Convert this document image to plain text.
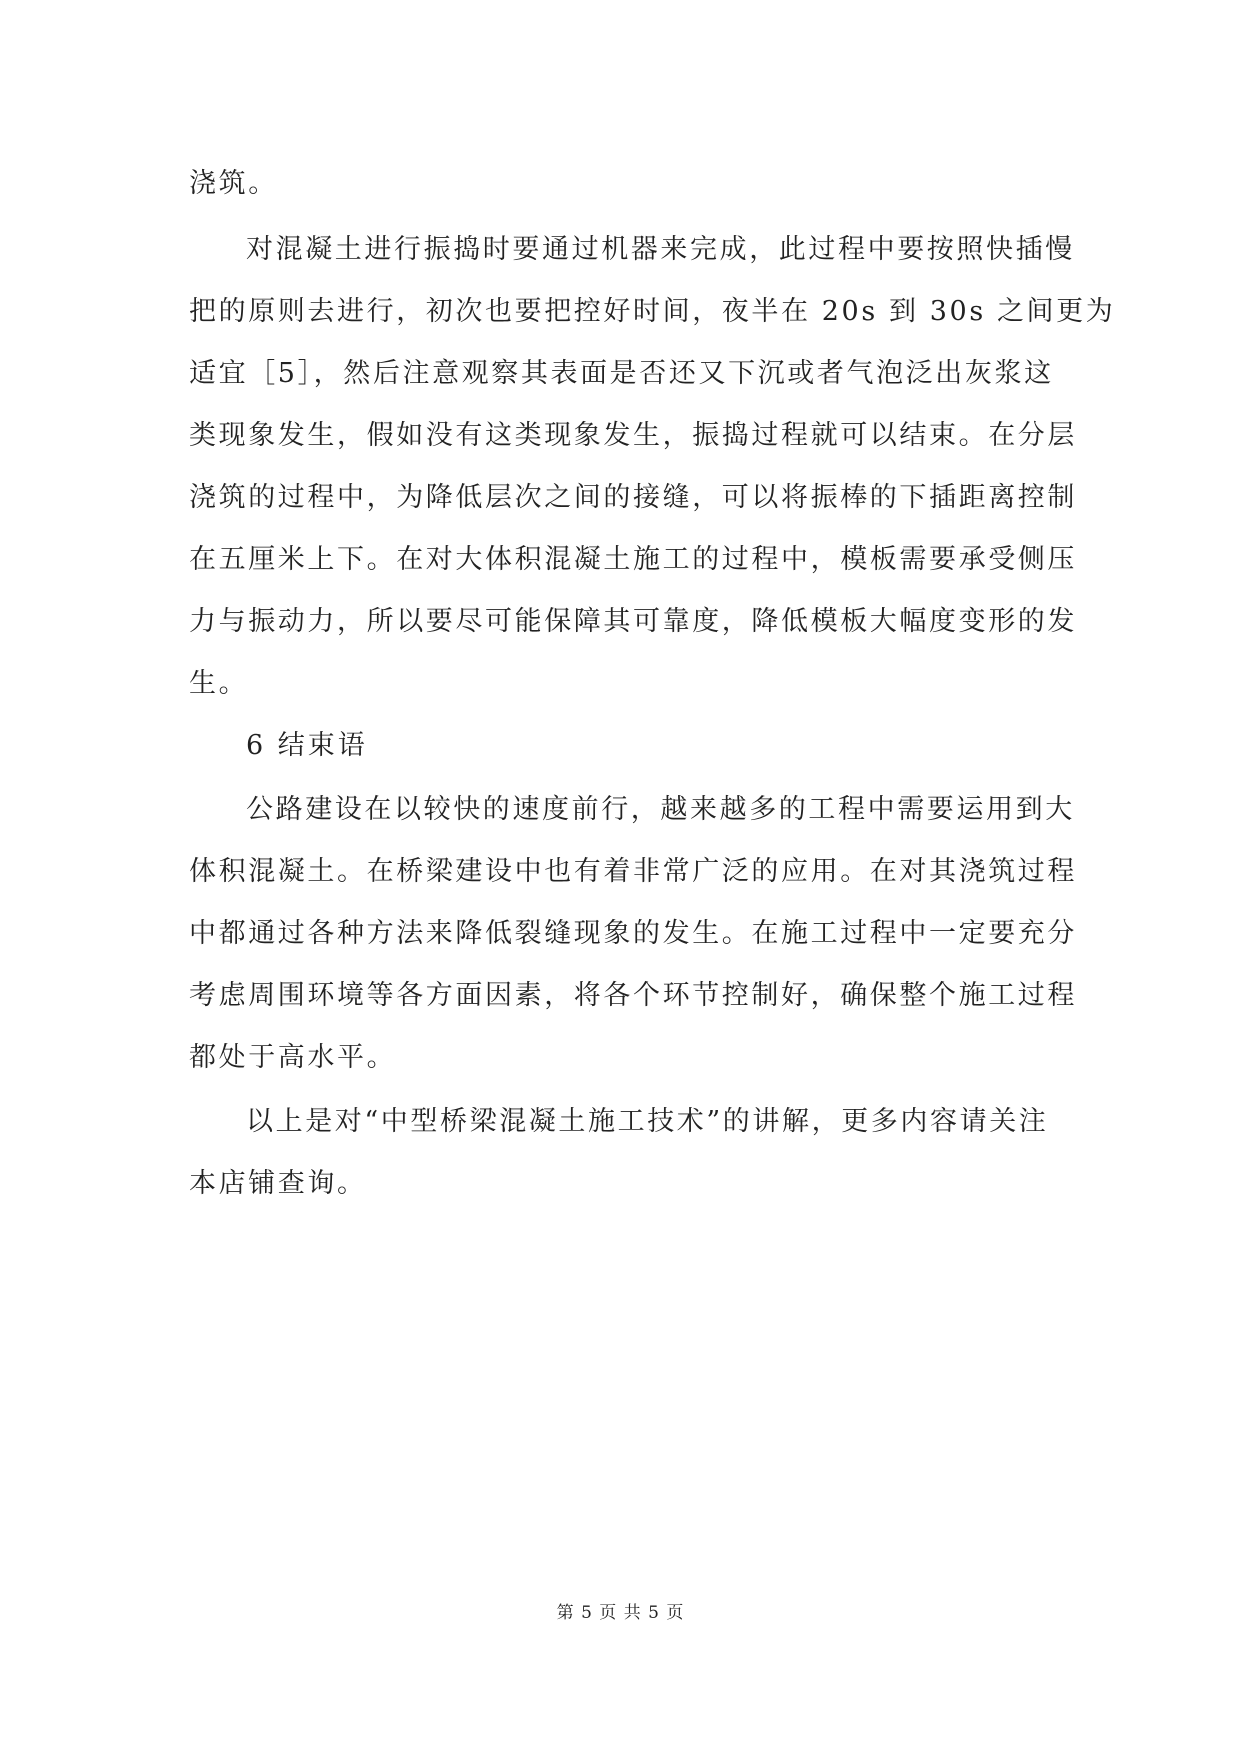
浇筑。
对混凝土进行振捣时要通过机器来完成，此过程中要按照快插慢
把的原则去进行，初次也要把控好时间，夜半在 20s 到 30s 之间更为
适宜［5］，然后注意观察其表面是否还又下沉或者气泡泛出灰浆这
类现象发生，假如没有这类现象发生，振捣过程就可以结束。在分层
浇筑的过程中，为降低层次之间的接缝，可以将振棒的下插距离控制
在五厘米上下。在对大体积混凝土施工的过程中，模板需要承受侧压
力与振动力，所以要尽可能保障其可靠度，降低模板大幅度变形的发
生。
6 结束语
公路建设在以较快的速度前行，越来越多的工程中需要运用到大
体积混凝土。在桥梁建设中也有着非常广泛的应用。在对其浇筑过程
中都通过各种方法来降低裂缝现象的发生。在施工过程中一定要充分
考虑周围环境等各方面因素，将各个环节控制好，确保整个施工过程
都处于高水平。
以上是对“中型桥梁混凝土施工技术”的讲解，更多内容请关注
本店铺查询。
第 5 页 共 5 页
